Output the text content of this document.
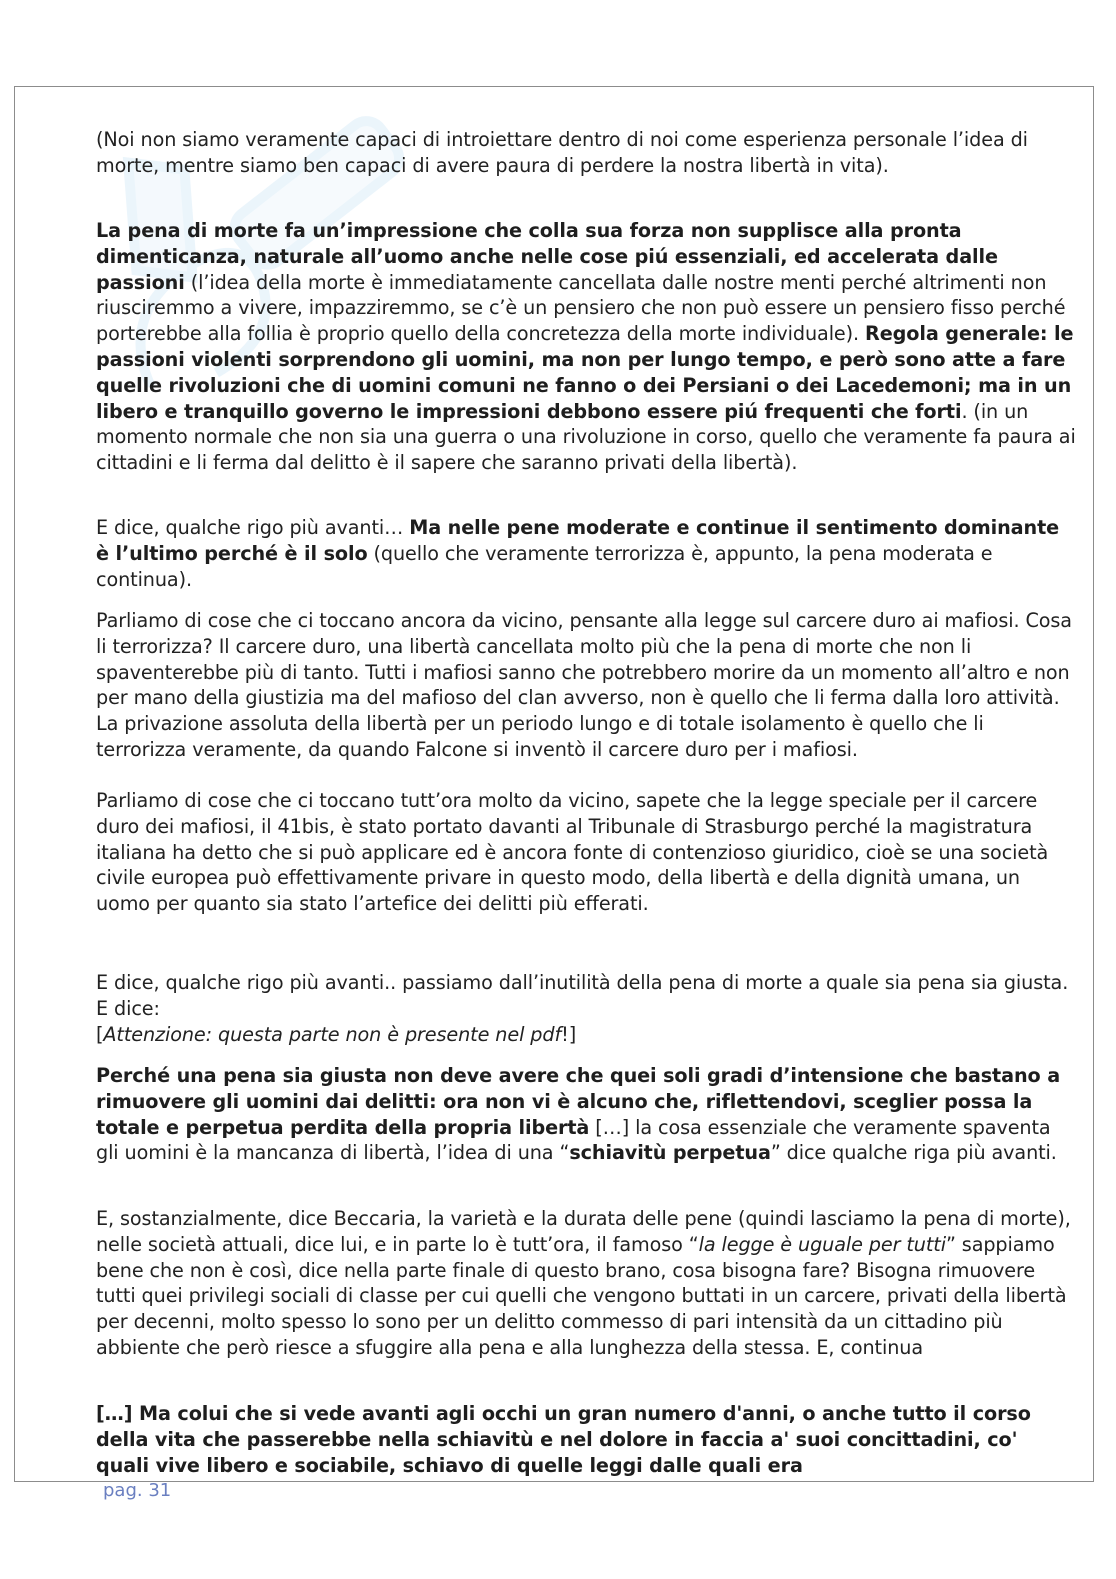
(Noi non siamo veramente capaci di introiettare dentro di noi come esperienza personale l’idea di morte, mentre siamo ben capaci di avere paura di perdere la nostra libertà in vita).

La pena di morte fa un’impressione che colla sua forza non supplisce alla pronta dimenticanza, naturale all’uomo anche nelle cose piú essenziali, ed accelerata dalle passioni (l’idea della morte è immediatamente cancellata dalle nostre menti perché altrimenti non riusciremmo a vivere, impazziremmo, se c’è un pensiero che non può essere un pensiero fisso perché porterebbe alla follia è proprio quello della concretezza della morte individuale). Regola generale: le passioni violenti sorprendono gli uomini, ma non per lungo tempo, e però sono atte a fare quelle rivoluzioni che di uomini comuni ne fanno o dei Persiani o dei Lacedemoni; ma in un libero e tranquillo governo le impressioni debbono essere piú frequenti che forti. (in un momento normale che non sia una guerra o una rivoluzione in corso, quello che veramente fa paura ai cittadini e li ferma dal delitto è il sapere che saranno privati della libertà).

E dice, qualche rigo più avanti… Ma nelle pene moderate e continue il sentimento dominante è l’ultimo perché è il solo (quello che veramente terrorizza è, appunto, la pena moderata e continua).

Parliamo di cose che ci toccano ancora da vicino, pensante alla legge sul carcere duro ai mafiosi. Cosa li terrorizza? Il carcere duro, una libertà cancellata molto più che la pena di morte che non li spaventerebbe più di tanto. Tutti i mafiosi sanno che potrebbero morire da un momento all’altro e non per mano della giustizia ma del mafioso del clan avverso, non è quello che li ferma dalla loro attività. La privazione assoluta della libertà per un periodo lungo e di totale isolamento è quello che li terrorizza veramente, da quando Falcone si inventò il carcere duro per i mafiosi.

Parliamo di cose che ci toccano tutt’ora molto da vicino, sapete che la legge speciale per il carcere duro dei mafiosi, il 41bis, è stato portato davanti al Tribunale di Strasburgo perché la magistratura italiana ha detto che si può applicare ed è ancora fonte di contenzioso giuridico, cioè se una società civile europea può effettivamente privare in questo modo, della libertà e della dignità umana, un uomo per quanto sia stato l’artefice dei delitti più efferati.

E dice, qualche rigo più avanti.. passiamo dall’inutilità della pena di morte a quale sia pena sia giusta. E dice:

[Attenzione: questa parte non è presente nel pdf!]

Perché una pena sia giusta non deve avere che quei soli gradi d’intensione che bastano a rimuovere gli uomini dai delitti: ora non vi è alcuno che, riflettendovi, sceglier possa la totale e perpetua perdita della propria libertà […] la cosa essenziale che veramente spaventa gli uomini è la mancanza di libertà, l’idea di una “schiavitù perpetua” dice qualche riga più avanti.

E, sostanzialmente, dice Beccaria, la varietà e la durata delle pene (quindi lasciamo la pena di morte), nelle società attuali, dice lui, e in parte lo è tutt’ora, il famoso “la legge è uguale per tutti” sappiamo bene che non è così, dice nella parte finale di questo brano, cosa bisogna fare? Bisogna rimuovere tutti quei privilegi sociali di classe per cui quelli che vengono buttati in un carcere, privati della libertà per decenni, molto spesso lo sono per un delitto commesso di pari intensità da un cittadino più abbiente che però riesce a sfuggire alla pena e alla lunghezza della stessa. E, continua

[…] Ma colui che si vede avanti agli occhi un gran numero d'anni, o anche tutto il corso della vita che passerebbe nella schiavitù e nel dolore in faccia a' suoi concittadini, co' quali vive libero e sociabile, schiavo di quelle leggi dalle quali era

pag. 31
